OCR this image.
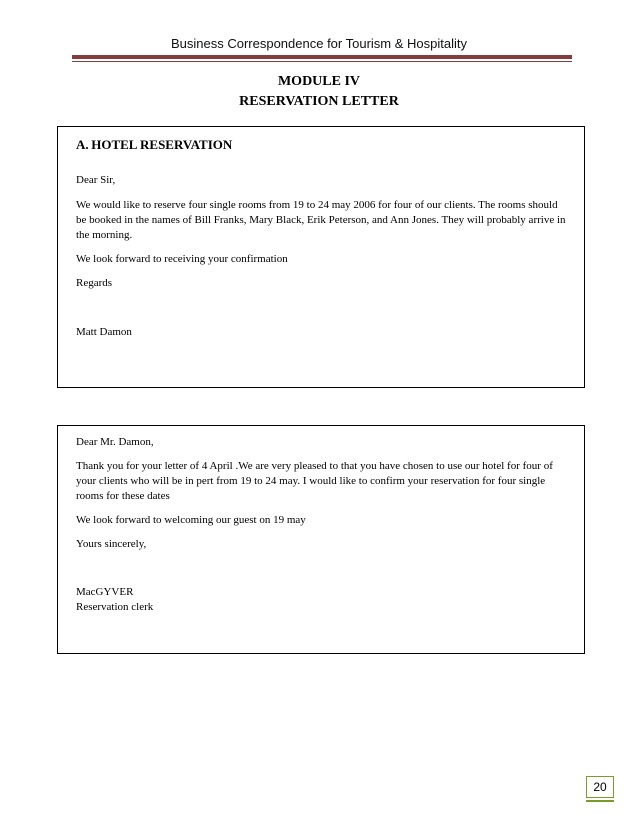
Business Correspondence for Tourism & Hospitality
MODULE IV
RESERVATION LETTER

A. HOTEL RESERVATION

Dear Sir,

We would like to reserve four single rooms from 19 to 24 may 2006 for four of our clients. The rooms should be booked in the names of Bill Franks, Mary Black, Erik Peterson, and Ann Jones. They will probably arrive in the morning.

We look forward to receiving your confirmation

Regards

Matt Damon

Dear Mr. Damon,

Thank you for your letter of 4 April .We are very pleased to that you have chosen to use our hotel for four of your clients who will be in pert from 19 to 24 may. I would like to confirm your reservation for four single rooms for these dates

We look forward to welcoming our guest on 19 may

Yours sincerely,

MacGYVER

Reservation clerk

20
